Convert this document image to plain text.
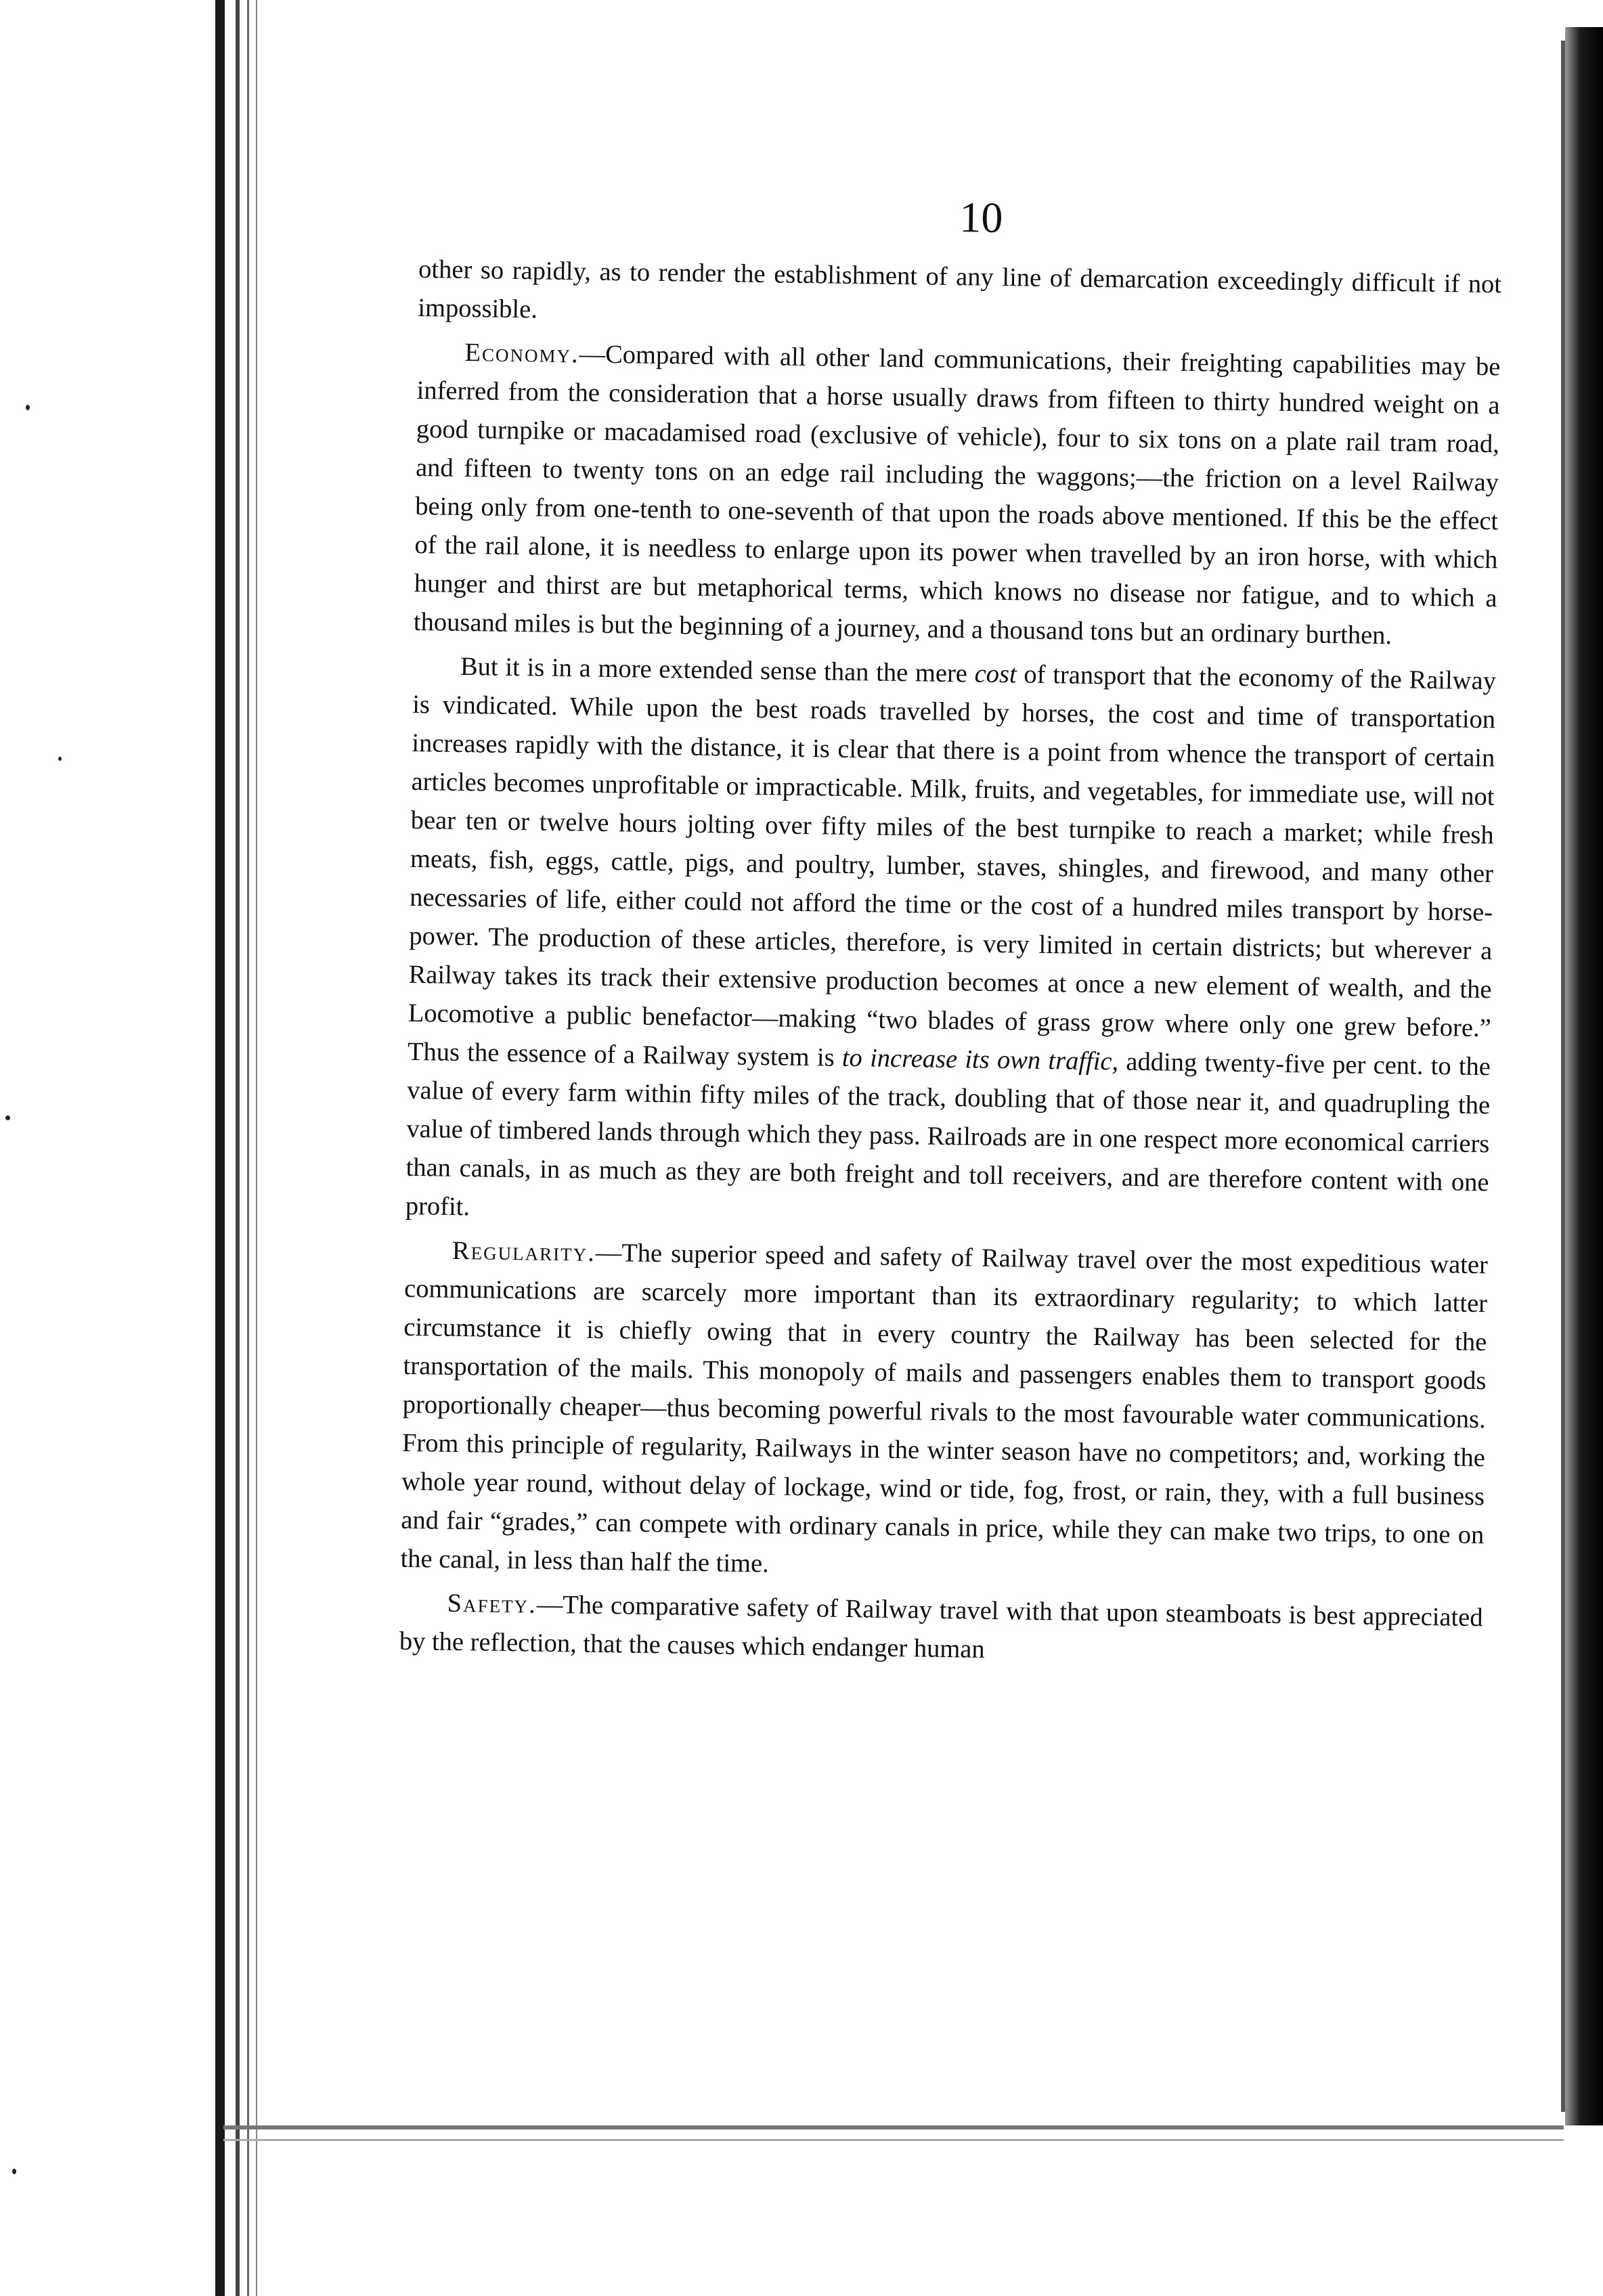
10

other so rapidly, as to render the establishment of any line of demarcation exceedingly difficult if not impossible.

Economy.—Compared with all other land communications, their freighting capabilities may be inferred from the consideration that a horse usually draws from fifteen to thirty hundred weight on a good turnpike or macadamised road (exclusive of vehicle), four to six tons on a plate rail tram road, and fifteen to twenty tons on an edge rail including the waggons;—the friction on a level Railway being only from one-tenth to one-seventh of that upon the roads above mentioned. If this be the effect of the rail alone, it is needless to enlarge upon its power when travelled by an iron horse, with which hunger and thirst are but metaphorical terms, which knows no disease nor fatigue, and to which a thousand miles is but the beginning of a journey, and a thousand tons but an ordinary burthen.

But it is in a more extended sense than the mere cost of transport that the economy of the Railway is vindicated. While upon the best roads travelled by horses, the cost and time of transportation increases rapidly with the distance, it is clear that there is a point from whence the transport of certain articles becomes unprofitable or impracticable. Milk, fruits, and vegetables, for immediate use, will not bear ten or twelve hours jolting over fifty miles of the best turnpike to reach a market; while fresh meats, fish, eggs, cattle, pigs, and poultry, lumber, staves, shingles, and firewood, and many other necessaries of life, either could not afford the time or the cost of a hundred miles transport by horse-power. The production of these articles, therefore, is very limited in certain districts; but wherever a Railway takes its track their extensive production becomes at once a new element of wealth, and the Locomotive a public benefactor—making “two blades of grass grow where only one grew before.” Thus the essence of a Railway system is to increase its own traffic, adding twenty-five per cent. to the value of every farm within fifty miles of the track, doubling that of those near it, and quadrupling the value of timbered lands through which they pass. Railroads are in one respect more economical carriers than canals, in as much as they are both freight and toll receivers, and are therefore content with one profit.

Regularity.—The superior speed and safety of Railway travel over the most expeditious water communications are scarcely more important than its extraordinary regularity; to which latter circumstance it is chiefly owing that in every country the Railway has been selected for the transportation of the mails. This monopoly of mails and passengers enables them to transport goods proportionally cheaper—thus becoming powerful rivals to the most favourable water communications. From this principle of regularity, Railways in the winter season have no competitors; and, working the whole year round, without delay of lockage, wind or tide, fog, frost, or rain, they, with a full business and fair “grades,” can compete with ordinary canals in price, while they can make two trips, to one on the canal, in less than half the time.

Safety.—The comparative safety of Railway travel with that upon steamboats is best appreciated by the reflection, that the causes which endanger human
